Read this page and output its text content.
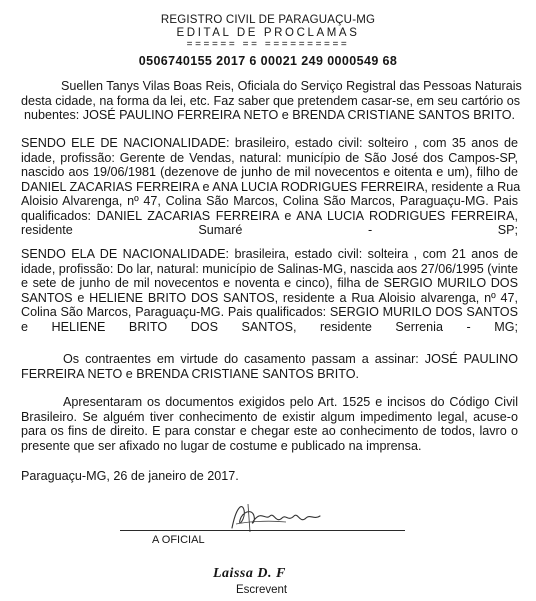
REGISTRO CIVIL DE PARAGUAÇU-MG
EDITAL DE PROCLAMAS
====== == ==========
0506740155 2017 6 00021 249 0000549 68
Suellen Tanys Vilas Boas Reis, Oficiala do Serviço Registral das Pessoas Naturais
desta cidade, na forma da lei, etc. Faz saber que pretendem casar-se, em seu cartório os
nubentes: JOSÉ PAULINO FERREIRA NETO e BRENDA CRISTIANE SANTOS BRITO.
SENDO ELE DE NACIONALIDADE: brasileiro, estado civil: solteiro , com 35 anos de
idade, profissão: Gerente de Vendas, natural: município de São José dos Campos-SP,
nascido aos 19/06/1981 (dezenove de junho de mil novecentos e oitenta e um), filho de
DANIEL ZACARIAS FERREIRA e ANA LUCIA RODRIGUES FERREIRA, residente a Rua
Aloisio Alvarenga, nº 47, Colina São Marcos, Colina São Marcos, Paraguaçu-MG. Pais
qualificados: DANIEL ZACARIAS FERREIRA e ANA LUCIA RODRIGUES FERREIRA,
residente Sumaré - SP;
SENDO ELA DE NACIONALIDADE: brasileira, estado civil: solteira , com 21 anos de
idade, profissão: Do lar, natural: município de Salinas-MG, nascida aos 27/06/1995 (vinte
e sete de junho de mil novecentos e noventa e cinco), filha de SERGIO MURILO DOS
SANTOS e HELIENE BRITO DOS SANTOS, residente a Rua Aloisio alvarenga, nº 47,
Colina São Marcos, Paraguaçu-MG. Pais qualificados: SERGIO MURILO DOS SANTOS
e HELIENE BRITO DOS SANTOS, residente Serrenia - MG;
Os contraentes em virtude do casamento passam a assinar: JOSÉ PAULINO
FERREIRA NETO e BRENDA CRISTIANE SANTOS BRITO.
Apresentaram os documentos exigidos pelo Art. 1525 e incisos do Código Civil
Brasileiro. Se alguém tiver conhecimento de existir algum impedimento legal, acuse-o
para os fins de direito. E para constar e chegar este ao conhecimento de todos, lavro o
presente que ser afixado no lugar de costume e publicado na imprensa.
Paraguaçu-MG, 26 de janeiro de 2017.
A OFICIAL
Laissa D. F
Escrevent
